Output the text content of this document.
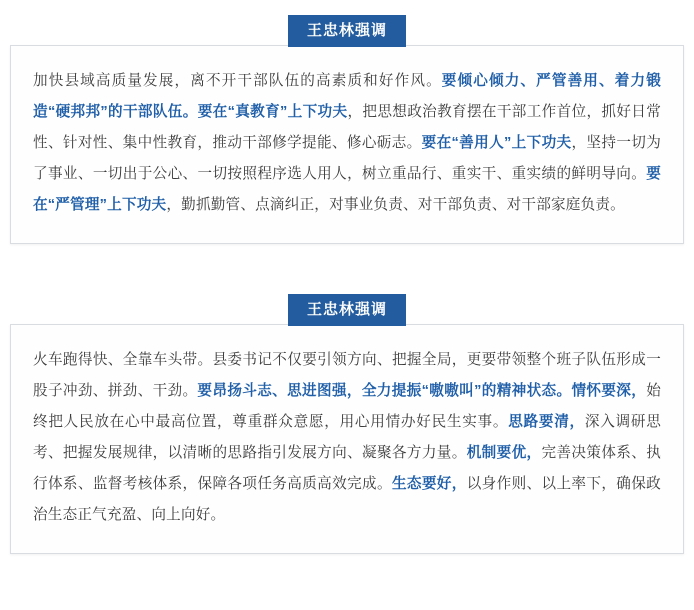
王忠林强调

加快县域高质量发展，离不开干部队伍的高素质和好作风。要倾心倾力、严管善用、着力锻造“硬邦邦”的干部队伍。要在“真教育”上下功夫，把思想政治教育摆在干部工作首位，抓好日常性、针对性、集中性教育，推动干部修学提能、修心砺志。要在“善用人”上下功夫，坚持一切为了事业、一切出于公心、一切按照程序选人用人，树立重品行、重实干、重实绩的鲜明导向。要在“严管理”上下功夫，勤抓勤管、点滴纠正，对事业负责、对干部负责、对干部家庭负责。

王忠林强调

火车跑得快、全靠车头带。县委书记不仅要引领方向、把握全局，更要带领整个班子队伍形成一股子冲劲、拼劲、干劲。要昂扬斗志、思进图强，全力提振“嗷嗷叫”的精神状态。情怀要深，始终把人民放在心中最高位置，尊重群众意愿，用心用情办好民生实事。思路要清，深入调研思考、把握发展规律，以清晰的思路指引发展方向、凝聚各方力量。机制要优，完善决策体系、执行体系、监督考核体系，保障各项任务高质高效完成。生态要好，以身作则、以上率下，确保政治生态正气充盈、向上向好。
